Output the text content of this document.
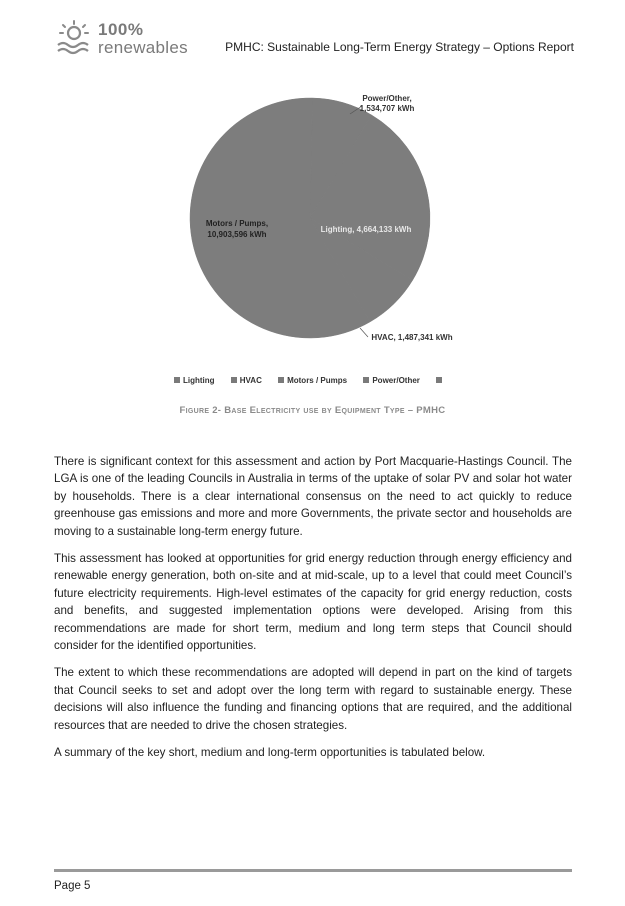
100%
renewables	PMHC: Sustainable Long-Term Energy Strategy – Options Report
Power/Other,
1,534,707 kWh
Motors / Pumps,
10,903,596 kWh
Lighting, 4,664,133 kWh
HVAC, 1,487,341 kWh
Lighting	HVAC	Motors / Pumps	Power/Other
Figure 2- Base Electricity use by Equipment Type – PMHC

There is significant context for this assessment and action by Port Macquarie-Hastings Council. The LGA is one of the leading Councils in Australia in terms of the uptake of solar PV and solar hot water by households. There is a clear international consensus on the need to act quickly to reduce greenhouse gas emissions and more and more Governments, the private sector and households are moving to a sustainable long-term energy future.

This assessment has looked at opportunities for grid energy reduction through energy efficiency and renewable energy generation, both on-site and at mid-scale, up to a level that could meet Council’s future electricity requirements. High-level estimates of the capacity for grid energy reduction, costs and benefits, and suggested implementation options were developed. Arising from this recommendations are made for short term, medium and long term steps that Council should consider for the identified opportunities.

The extent to which these recommendations are adopted will depend in part on the kind of targets that Council seeks to set and adopt over the long term with regard to sustainable energy. These decisions will also influence the funding and financing options that are required, and the additional resources that are needed to drive the chosen strategies.

A summary of the key short, medium and long-term opportunities is tabulated below.

Page 5
